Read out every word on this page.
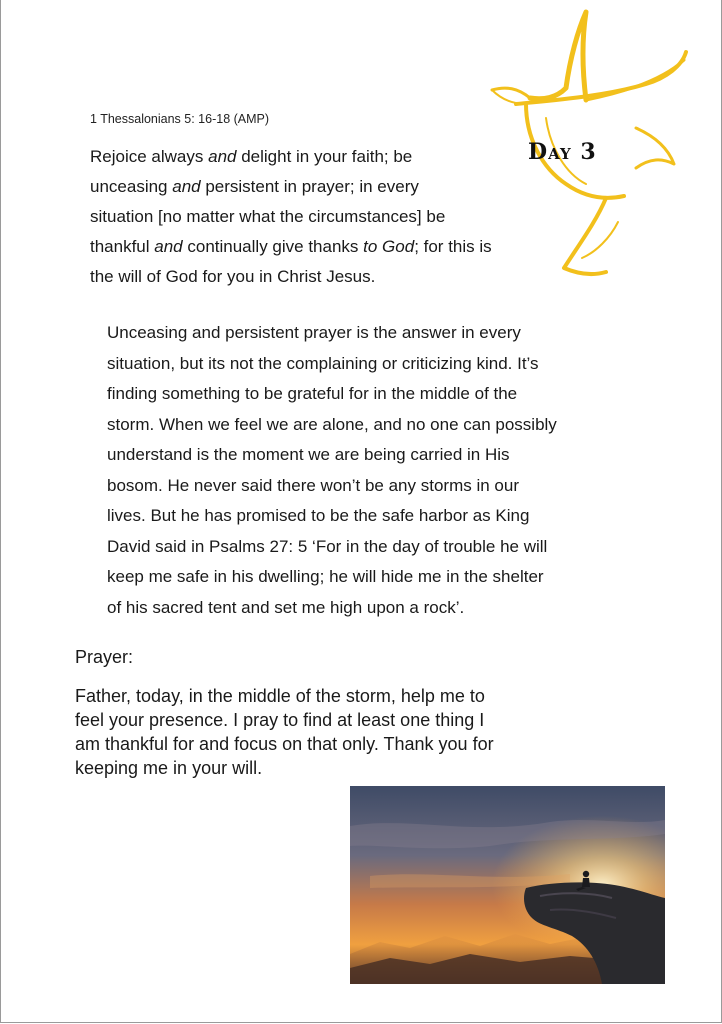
Day 3
1 Thessalonians 5: 16-18 (AMP)
Rejoice always and delight in your faith; be
unceasing and persistent in prayer; in every
situation [no matter what the circumstances] be
thankful and continually give thanks to God; for this is
the will of God for you in Christ Jesus.
Unceasing and persistent prayer is the answer in every
situation, but its not the complaining or criticizing kind. It’s
finding something to be grateful for in the middle of the
storm. When we feel we are alone, and no one can possibly
understand is the moment we are being carried in His
bosom. He never said there won’t be any storms in our
lives. But he has promised to be the safe harbor as King
David said in Psalms 27: 5 ‘For in the day of trouble he will
keep me safe in his dwelling; he will hide me in the shelter
of his sacred tent and set me high upon a rock’.
Prayer:
Father, today, in the middle of the storm, help me to
feel your presence. I pray to find at least one thing I
am thankful for and focus on that only. Thank you for
keeping me in your will.
